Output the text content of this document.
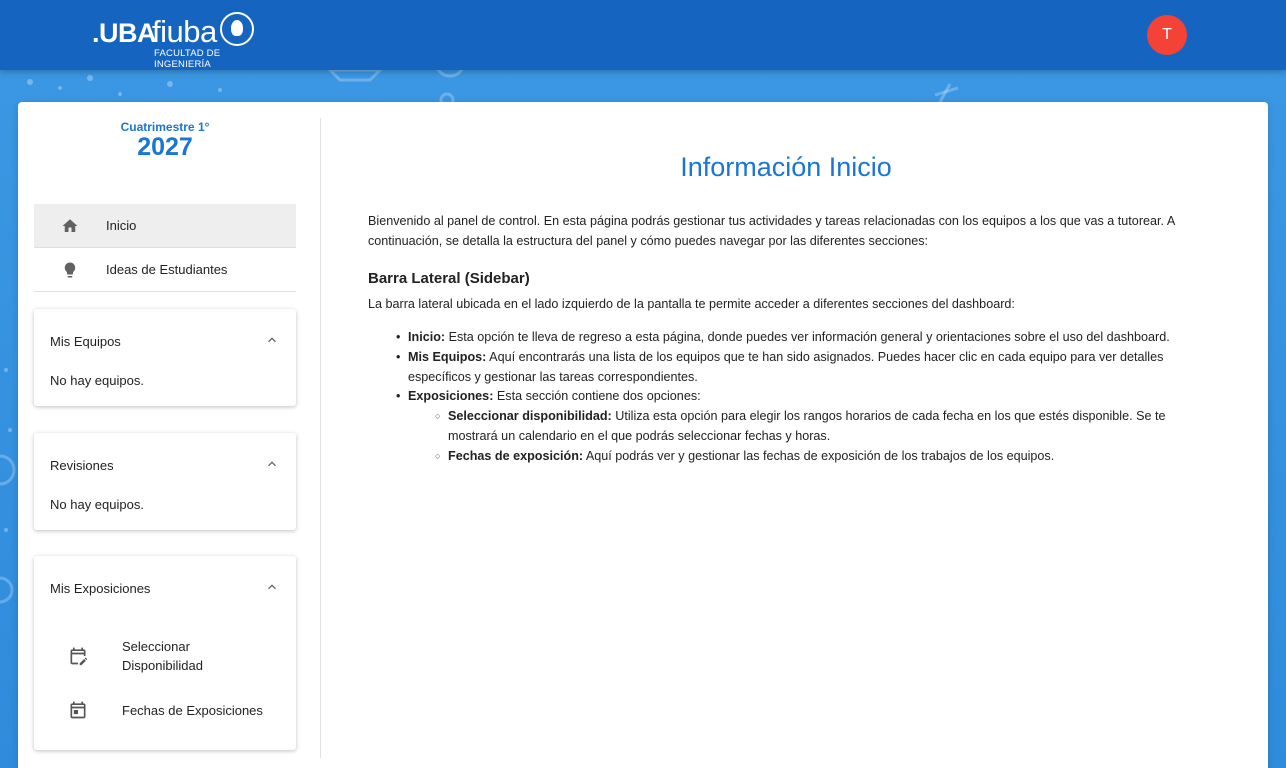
.UBA
fiuba
FACULTAD DE INGENIERÍA
T
Cuatrimestre 1°
2027
Inicio
Ideas de Estudiantes
Mis Equipos
No hay equipos.
Revisiones
No hay equipos.
Mis Exposiciones
Seleccionar Disponibilidad
Fechas de Exposiciones
Información Inicio

Bienvenido al panel de control. En esta página podrás gestionar tus actividades y tareas relacionadas con los equipos a los que vas a tutorear. A continuación, se detalla la estructura del panel y cómo puedes navegar por las diferentes secciones:

Barra Lateral (Sidebar)

La barra lateral ubicada en el lado izquierdo de la pantalla te permite acceder a diferentes secciones del dashboard:

• Inicio: Esta opción te lleva de regreso a esta página, donde puedes ver información general y orientaciones sobre el uso del dashboard.
• Mis Equipos: Aquí encontrarás una lista de los equipos que te han sido asignados. Puedes hacer clic en cada equipo para ver detalles específicos y gestionar las tareas correspondientes.
• Exposiciones: Esta sección contiene dos opciones:
○ Seleccionar disponibilidad: Utiliza esta opción para elegir los rangos horarios de cada fecha en los que estés disponible. Se te mostrará un calendario en el que podrás seleccionar fechas y horas.
○ Fechas de exposición: Aquí podrás ver y gestionar las fechas de exposición de los trabajos de los equipos.
